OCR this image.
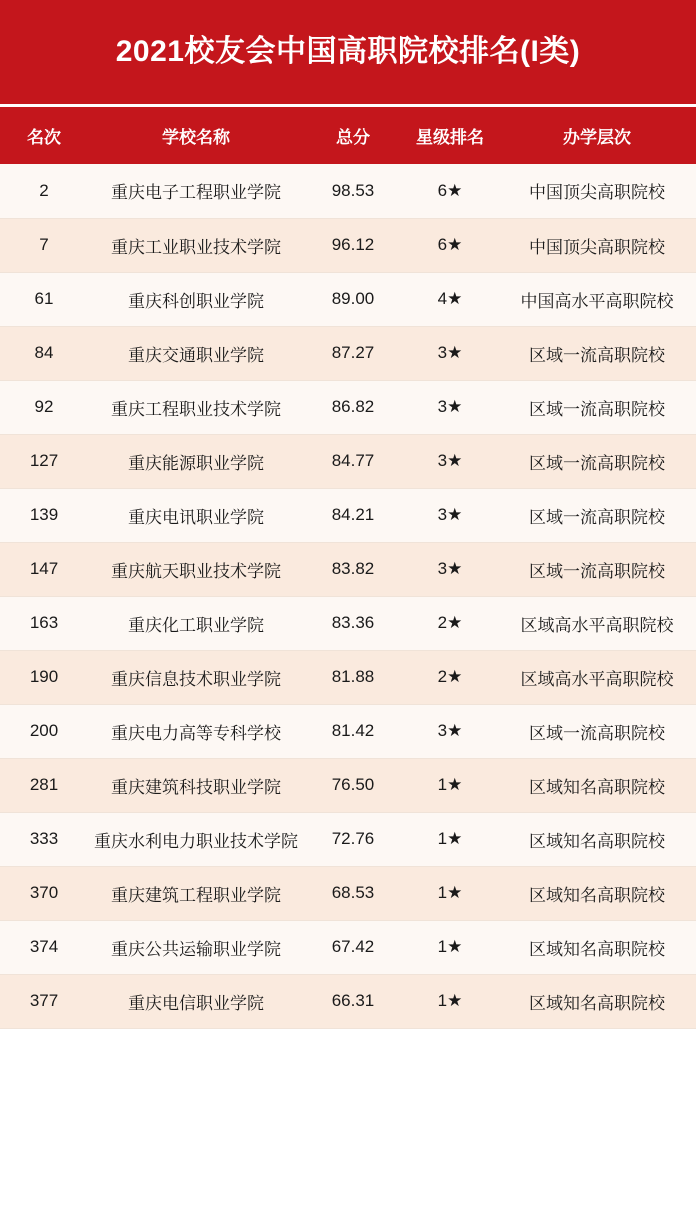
2021校友会中国高职院校排名(I类)
名次	学校名称	总分	星级排名	办学层次
2	重庆电子工程职业学院	98.53	6★	中国顶尖高职院校
7	重庆工业职业技术学院	96.12	6★	中国顶尖高职院校
61	重庆科创职业学院	89.00	4★	中国高水平高职院校
84	重庆交通职业学院	87.27	3★	区域一流高职院校
92	重庆工程职业技术学院	86.82	3★	区域一流高职院校
127	重庆能源职业学院	84.77	3★	区域一流高职院校
139	重庆电讯职业学院	84.21	3★	区域一流高职院校
147	重庆航天职业技术学院	83.82	3★	区域一流高职院校
163	重庆化工职业学院	83.36	2★	区域高水平高职院校
190	重庆信息技术职业学院	81.88	2★	区域高水平高职院校
200	重庆电力高等专科学校	81.42	3★	区域一流高职院校
281	重庆建筑科技职业学院	76.50	1★	区域知名高职院校
333	重庆水利电力职业技术学院	72.76	1★	区域知名高职院校
370	重庆建筑工程职业学院	68.53	1★	区域知名高职院校
374	重庆公共运输职业学院	67.42	1★	区域知名高职院校
377	重庆电信职业学院	66.31	1★	区域知名高职院校
